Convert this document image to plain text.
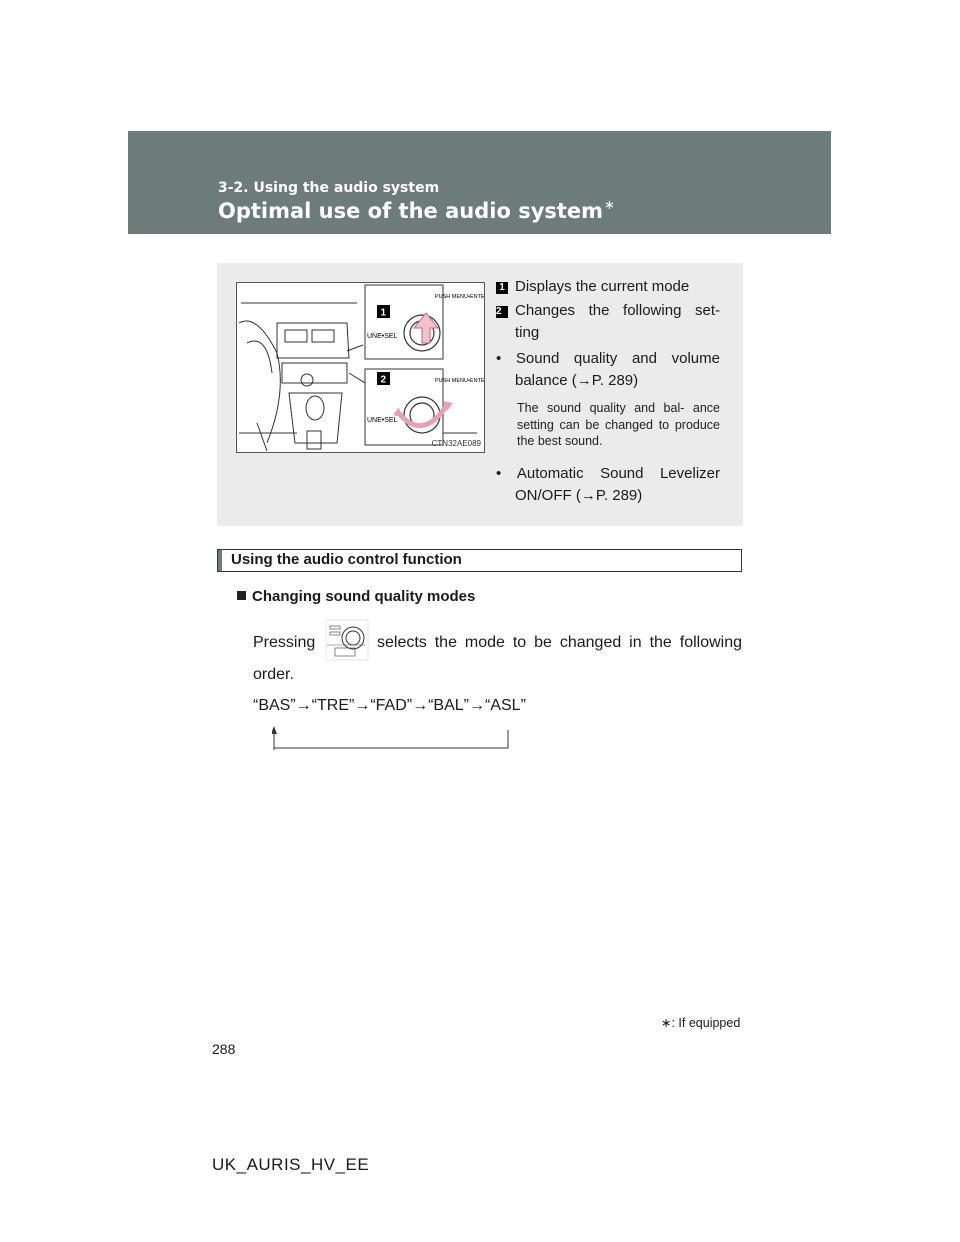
3-2. Using the audio system
Optimal use of the audio system∗
UNE•SEL
UNE•SEL
PUSH MENU•ENTER
PUSH MENU•ENTER
1
2
CTN32AE089
1 Displays the current mode
2 Changes the following set-
ting
• Sound quality and volume
balance (→P. 289)
The sound quality and bal- ance setting can be changed to produce the best sound.
• Automatic Sound Levelizer
ON/OFF (→P. 289)
Using the audio control function
Changing sound quality modes
Pressing	selects the mode to be changed in the following
order.
“BAS”→“TRE”→“FAD”→“BAL”→“ASL”
∗: If equipped
288
UK_AURIS_HV_EE
